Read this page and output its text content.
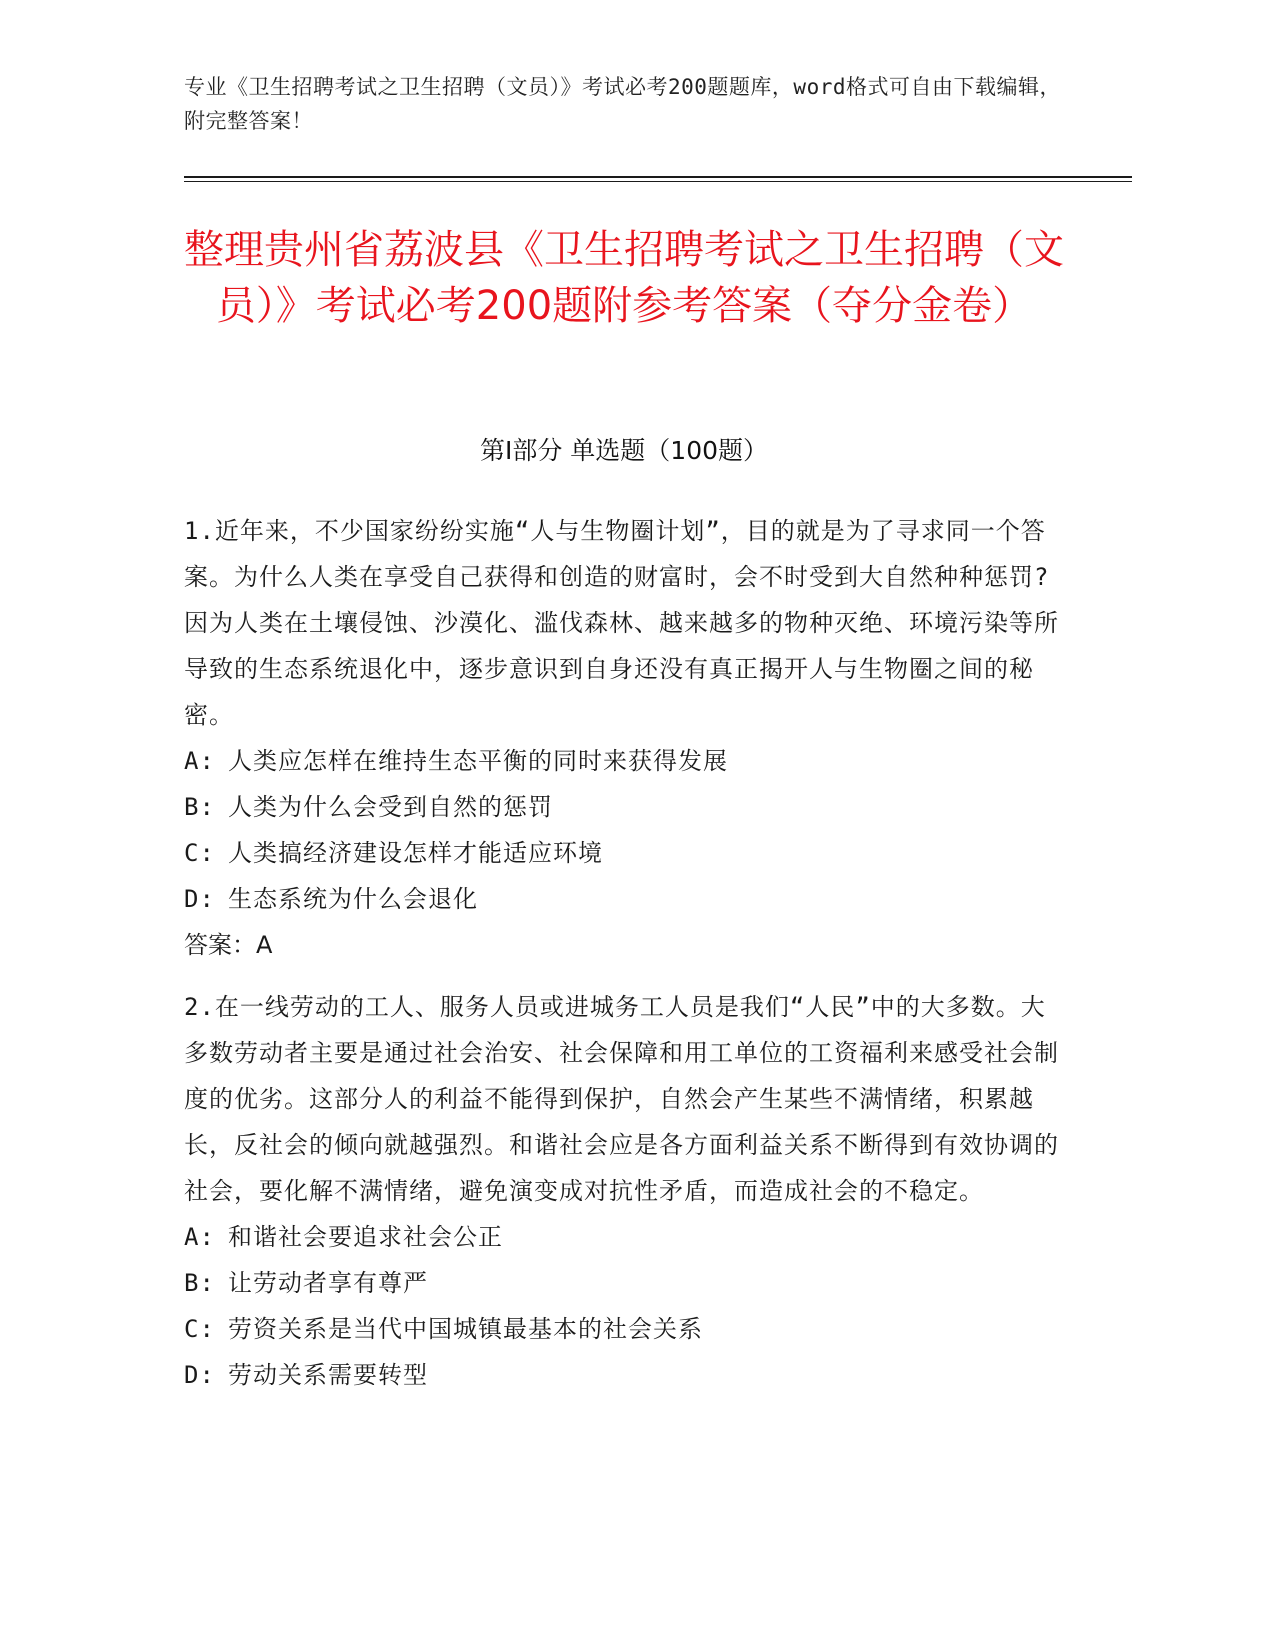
专业《卫生招聘考试之卫生招聘（文员）》考试必考200题题库，word格式可自由下载编辑，附完整答案！
整理贵州省荔波县《卫生招聘考试之卫生招聘（文员）》考试必考200题附参考答案（夺分金卷）
第I部分 单选题（100题）

1.近年来，不少国家纷纷实施“人与生物圈计划”，目的就是为了寻求同一个答案。为什么人类在享受自己获得和创造的财富时，会不时受到大自然种种惩罚?因为人类在土壤侵蚀、沙漠化、滥伐森林、越来越多的物种灭绝、环境污染等所导致的生态系统退化中，逐步意识到自身还没有真正揭开人与生物圈之间的秘密。

A: 人类应怎样在维持生态平衡的同时来获得发展

B: 人类为什么会受到自然的惩罚

C: 人类搞经济建设怎样才能适应环境

D: 生态系统为什么会退化

答案：A

2.在一线劳动的工人、服务人员或进城务工人员是我们“人民”中的大多数。大多数劳动者主要是通过社会治安、社会保障和用工单位的工资福利来感受社会制度的优劣。这部分人的利益不能得到保护，自然会产生某些不满情绪，积累越长，反社会的倾向就越强烈。和谐社会应是各方面利益关系不断得到有效协调的社会，要化解不满情绪，避免演变成对抗性矛盾，而造成社会的不稳定。

A: 和谐社会要追求社会公正

B: 让劳动者享有尊严

C: 劳资关系是当代中国城镇最基本的社会关系

D: 劳动关系需要转型
